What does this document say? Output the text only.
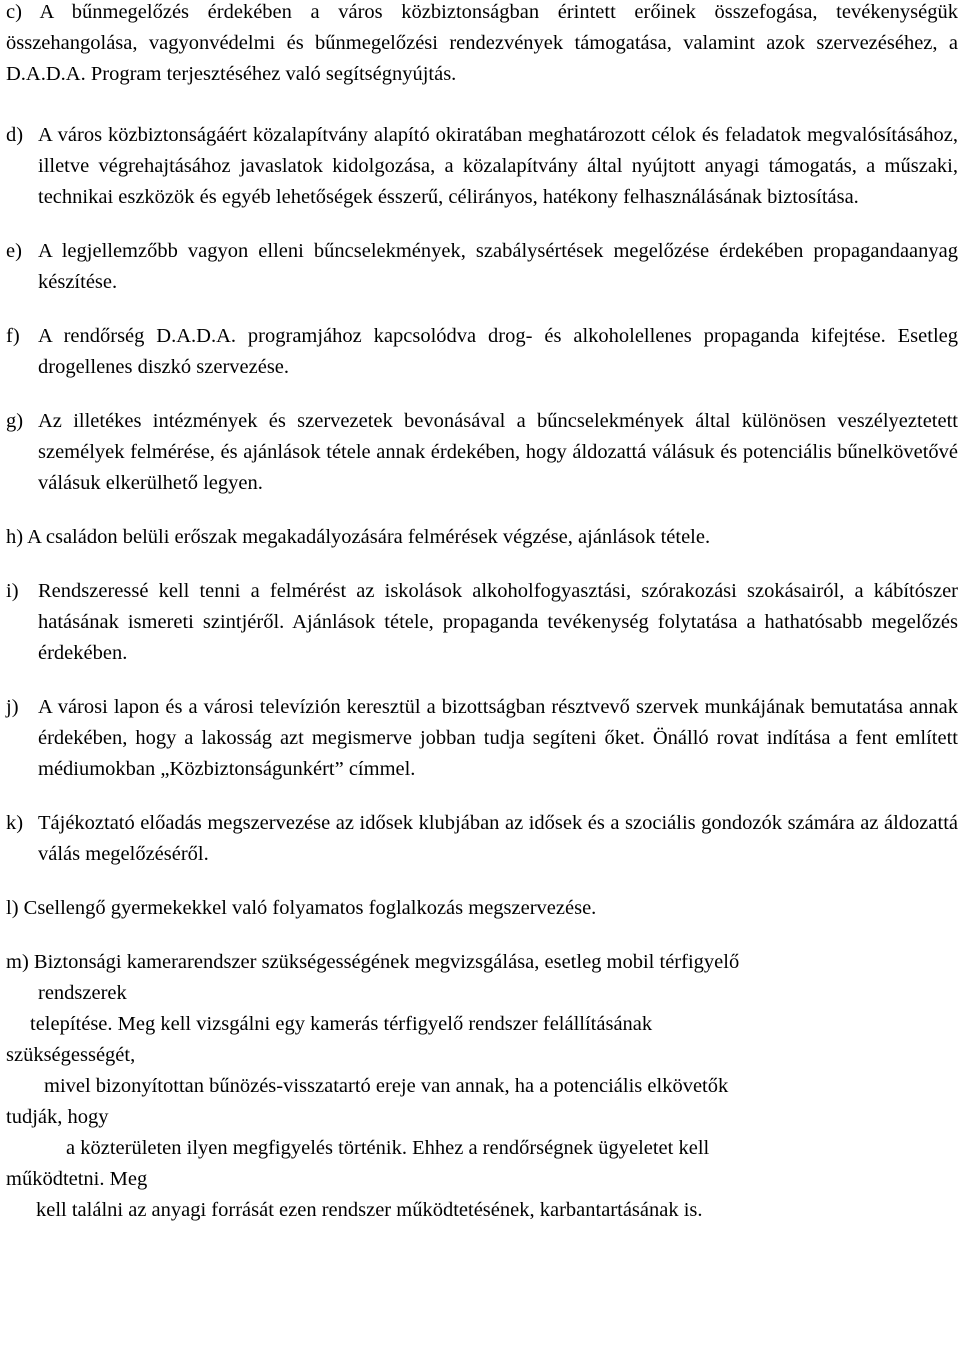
c) A bűnmegelőzés érdekében a város közbiztonságban érintett erőinek összefogása, tevékenységük összehangolása, vagyonvédelmi és bűnmegelőzési rendezvények támogatása, valamint azok szervezéséhez, a D.A.D.A. Program terjesztéséhez való segítségnyújtás.

d) A város közbiztonságáért közalapítvány alapító okiratában meghatározott célok és feladatok megvalósításához, illetve végrehajtásához javaslatok kidolgozása, a közalapítvány által nyújtott anyagi támogatás, a műszaki, technikai eszközök és egyéb lehetőségek ésszerű, célirányos, hatékony felhasználásának biztosítása.

e) A legjellemzőbb vagyon elleni bűncselekmények, szabálysértések megelőzése érdekében propagandaanyag készítése.

f) A rendőrség D.A.D.A. programjához kapcsolódva drog- és alkoholellenes propaganda kifejtése. Esetleg drogellenes diszkó szervezése.

g) Az illetékes intézmények és szervezetek bevonásával a bűncselekmények által különösen veszélyeztetett személyek felmérése, és ajánlások tétele annak érdekében, hogy áldozattá válásuk és potenciális bűnelkövetővé válásuk elkerülhető legyen.

h) A családon belüli erőszak megakadályozására felmérések végzése, ajánlások tétele.

i) Rendszeressé kell tenni a felmérést az iskolások alkoholfogyasztási, szórakozási szokásairól, a kábítószer hatásának ismereti szintjéről. Ajánlások tétele, propaganda tevékenység folytatása a hathatósabb megelőzés érdekében.

j) A városi lapon és a városi televízión keresztül a bizottságban résztvevő szervek munkájának bemutatása annak érdekében, hogy a lakosság azt megismerve jobban tudja segíteni őket. Önálló rovat indítása a fent említett médiumokban „Közbiztonságunkért” címmel.

k) Tájékoztató előadás megszervezése az idősek klubjában az idősek és a szociális gondozók számára az áldozattá válás megelőzéséről.

l) Csellengő gyermekekkel való folyamatos foglalkozás megszervezése.

m) Biztonsági kamerarendszer szükségességének megvizsgálása, esetleg mobil térfigyelő
rendszerek
telepítése. Meg kell vizsgálni egy kamerás térfigyelő rendszer felállításának
szükségességét,
mivel bizonyítottan bűnözés-visszatartó ereje van annak, ha a potenciális elkövetők
tudják, hogy
a közterületen ilyen megfigyelés történik. Ehhez a rendőrségnek ügyeletet kell
működtetni. Meg
kell találni az anyagi forrását ezen rendszer működtetésének, karbantartásának is.
